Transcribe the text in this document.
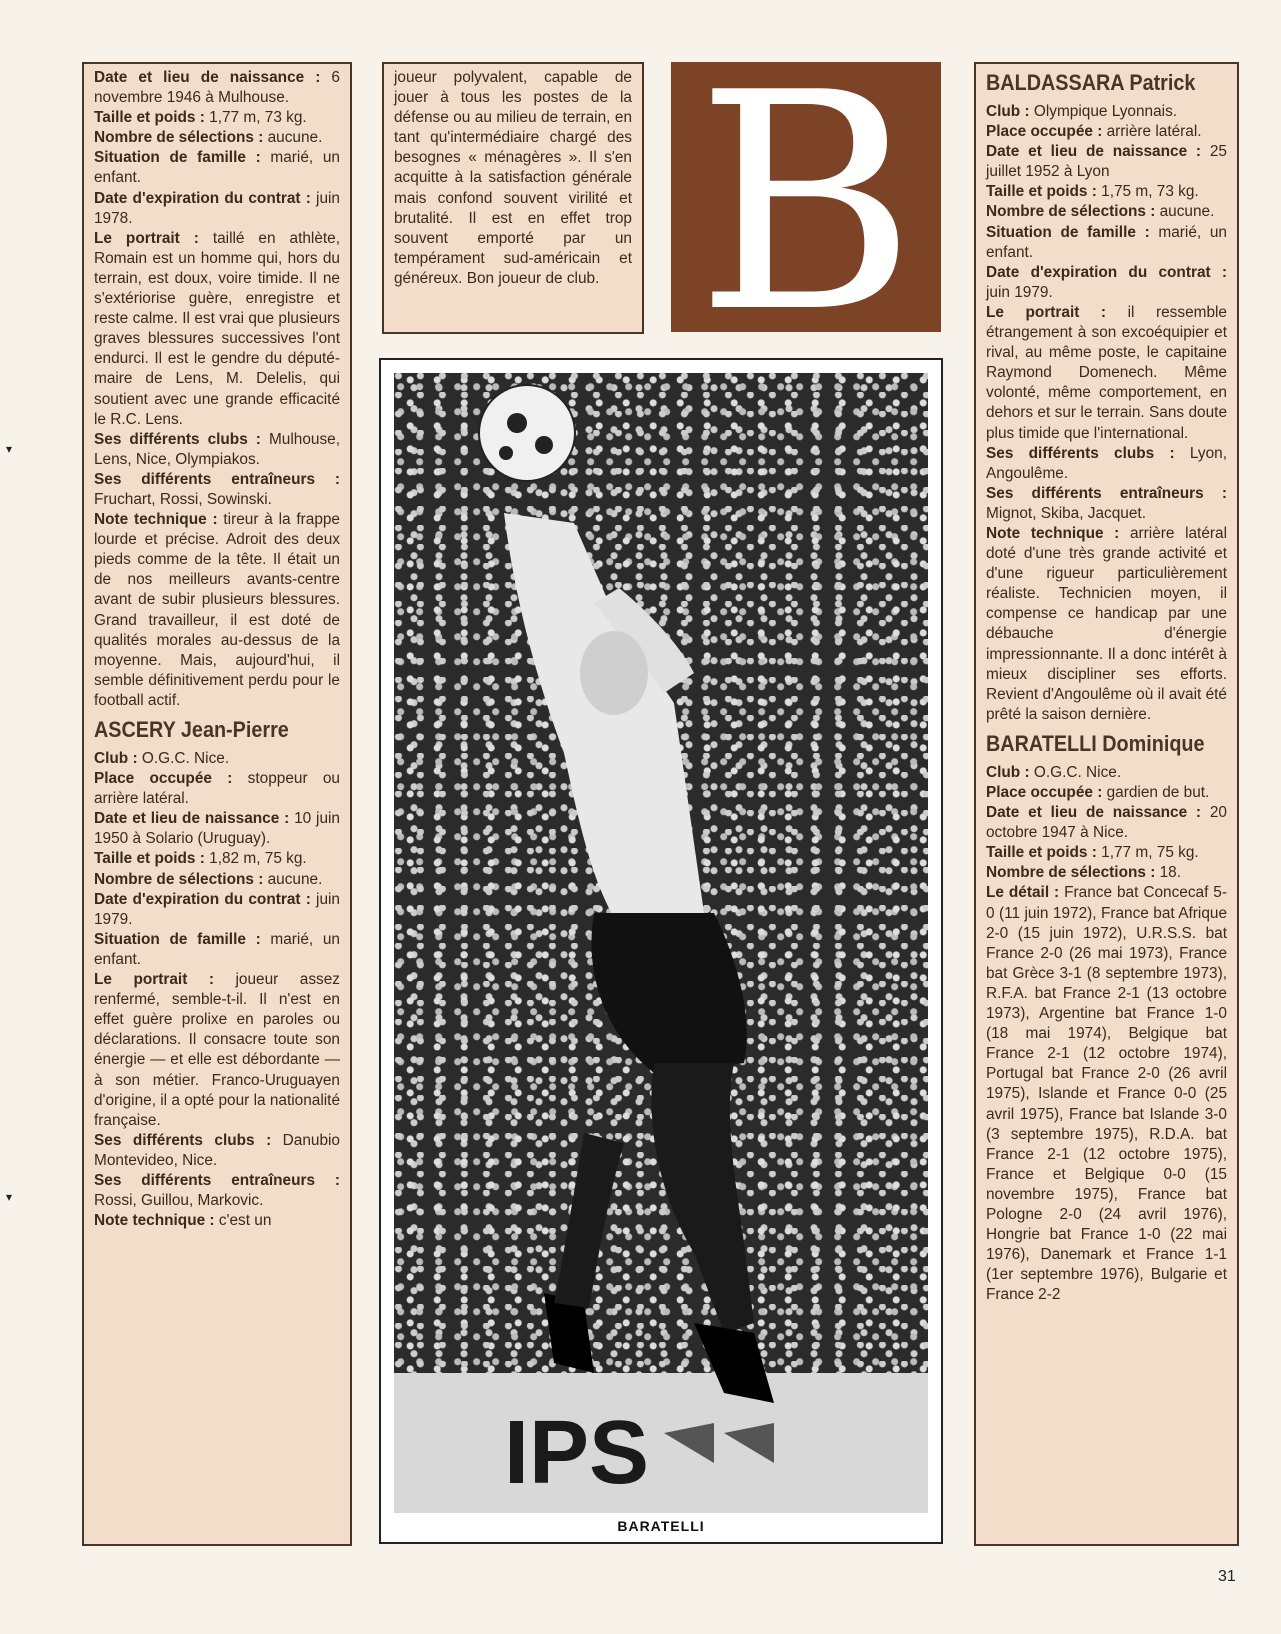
Date et lieu de naissance : 6 novembre 1946 à Mulhouse.

Taille et poids : 1,77 m, 73 kg.

Nombre de sélections : aucune.

Situation de famille : marié, un enfant.

Date d'expiration du contrat : juin 1978.

Le portrait : taillé en athlète, Romain est un homme qui, hors du terrain, est doux, voire timide. Il ne s'extériorise guère, enregistre et reste calme. Il est vrai que plusieurs graves blessures successives l'ont endurci. Il est le gendre du député-maire de Lens, M. Delelis, qui soutient avec une grande efficacité le R.C. Lens.

Ses différents clubs : Mulhouse, Lens, Nice, Olympiakos.

Ses différents entraîneurs : Fruchart, Rossi, Sowinski.

Note technique : tireur à la frappe lourde et précise. Adroit des deux pieds comme de la tête. Il était un de nos meilleurs avants-centre avant de subir plusieurs blessures. Grand travailleur, il est doté de qualités morales au-dessus de la moyenne. Mais, aujourd'hui, il semble définitivement perdu pour le football actif.

ASCERY Jean-Pierre

Club : O.G.C. Nice.

Place occupée : stoppeur ou arrière latéral.

Date et lieu de naissance : 10 juin 1950 à Solario (Uruguay).

Taille et poids : 1,82 m, 75 kg.

Nombre de sélections : aucune.

Date d'expiration du contrat : juin 1979.

Situation de famille : marié, un enfant.

Le portrait : joueur assez renfermé, semble-t-il. Il n'est en effet guère prolixe en paroles ou déclarations. Il consacre toute son énergie — et elle est débordante — à son métier. Franco-Uruguayen d'origine, il a opté pour la nationalité française.

Ses différents clubs : Danubio Montevideo, Nice.

Ses différents entraîneurs : Rossi, Guillou, Markovic.

Note technique : c'est un

joueur polyvalent, capable de jouer à tous les postes de la défense ou au milieu de terrain, en tant qu'intermédiaire chargé des besognes « ménagères ». Il s'en acquitte à la satisfaction générale mais confond souvent virilité et brutalité. Il est en effet trop souvent emporté par un tempérament sud-américain et généreux. Bon joueur de club. B
IPS
BARATELLI

BALDASSARA Patrick

Club : Olympique Lyonnais.

Place occupée : arrière latéral.

Date et lieu de naissance : 25 juillet 1952 à Lyon

Taille et poids : 1,75 m, 73 kg.

Nombre de sélections : aucune.

Situation de famille : marié, un enfant.

Date d'expiration du contrat : juin 1979.

Le portrait : il ressemble étrangement à son excoéquipier et rival, au même poste, le capitaine Raymond Domenech. Même volonté, même comportement, en dehors et sur le terrain. Sans doute plus timide que l'international.

Ses différents clubs : Lyon, Angoulême.

Ses différents entraîneurs : Mignot, Skiba, Jacquet.

Note technique : arrière latéral doté d'une très grande activité et d'une rigueur particulièrement réaliste. Technicien moyen, il compense ce handicap par une débauche d'énergie impressionnante. Il a donc intérêt à mieux discipliner ses efforts. Revient d'Angoulême où il avait été prêté la saison dernière.

BARATELLI Dominique

Club : O.G.C. Nice.

Place occupée : gardien de but.

Date et lieu de naissance : 20 octobre 1947 à Nice.

Taille et poids : 1,77 m, 75 kg.

Nombre de sélections : 18.

Le détail : France bat Concecaf 5-0 (11 juin 1972), France bat Afrique 2-0 (15 juin 1972), U.R.S.S. bat France 2-0 (26 mai 1973), France bat Grèce 3-1 (8 septembre 1973), R.F.A. bat France 2-1 (13 octobre 1973), Argentine bat France 1-0 (18 mai 1974), Belgique bat France 2-1 (12 octobre 1974), Portugal bat France 2-0 (26 avril 1975), Islande et France 0-0 (25 avril 1975), France bat Islande 3-0 (3 septembre 1975), R.D.A. bat France 2-1 (12 octobre 1975), France et Belgique 0-0 (15 novembre 1975), France bat Pologne 2-0 (24 avril 1976), Hongrie bat France 1-0 (22 mai 1976), Danemark et France 1-1 (1er septembre 1976), Bulgarie et France 2-2

31
▾
▾
